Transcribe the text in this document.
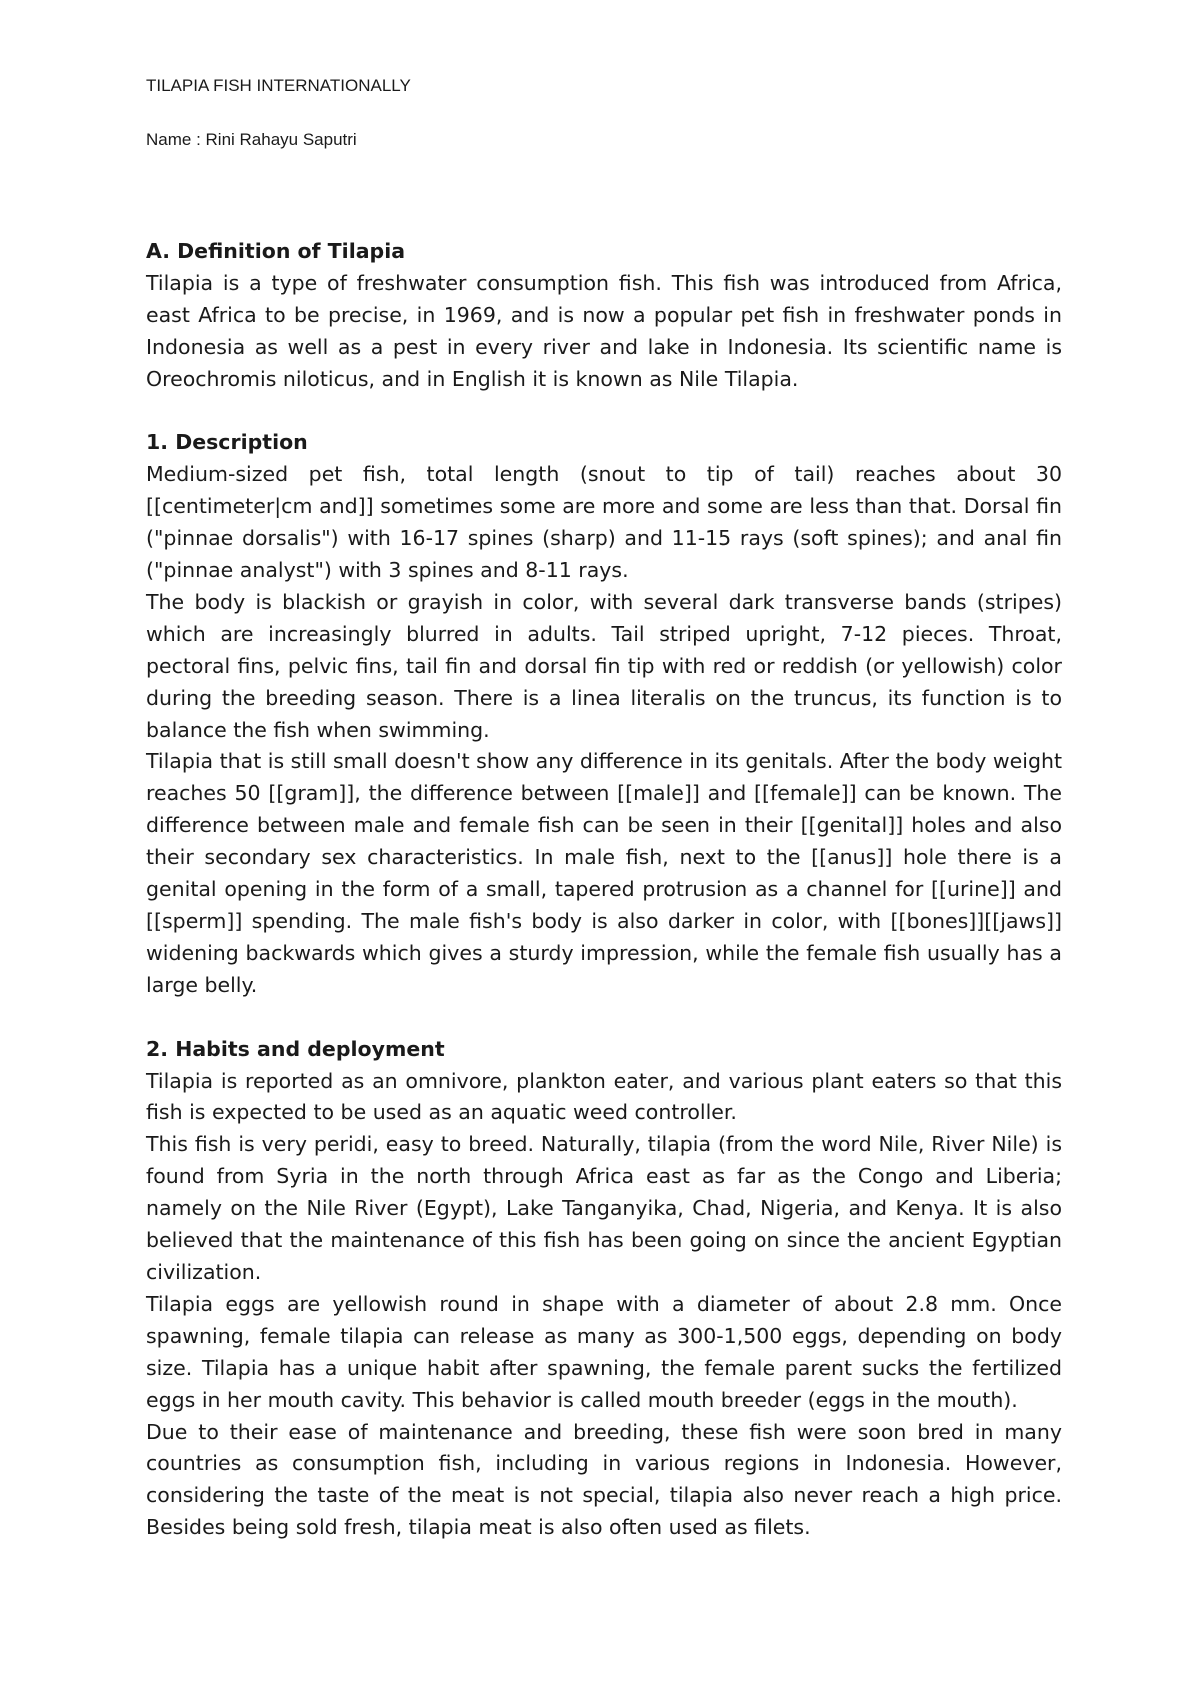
TILAPIA FISH INTERNATIONALLY
Name : Rini Rahayu Saputri

A. Definition of Tilapia

Tilapia is a type of freshwater consumption fish. This fish was introduced from Africa, east Africa to be precise, in 1969, and is now a popular pet fish in freshwater ponds in Indonesia as well as a pest in every river and lake in Indonesia. Its scientific name is Oreochromis niloticus, and in English it is known as Nile Tilapia.

1. Description

Medium-sized pet fish, total length (snout to tip of tail) reaches about 30 [[centimeter|cm and]] sometimes some are more and some are less than that. Dorsal fin ("pinnae dorsalis") with 16-17 spines (sharp) and 11-15 rays (soft spines); and anal fin ("pinnae analyst") with 3 spines and 8-11 rays.

The body is blackish or grayish in color, with several dark transverse bands (stripes) which are increasingly blurred in adults. Tail striped upright, 7-12 pieces. Throat, pectoral fins, pelvic fins, tail fin and dorsal fin tip with red or reddish (or yellowish) color during the breeding season. There is a linea literalis on the truncus, its function is to balance the fish when swimming.

Tilapia that is still small doesn't show any difference in its genitals. After the body weight reaches 50 [[gram]], the difference between [[male]] and [[female]] can be known. The difference between male and female fish can be seen in their [[genital]] holes and also their secondary sex characteristics. In male fish, next to the [[anus]] hole there is a genital opening in the form of a small, tapered protrusion as a channel for [[urine]] and [[sperm]] spending. The male fish's body is also darker in color, with [[bones]][[jaws]] widening backwards which gives a sturdy impression, while the female fish usually has a large belly.

2. Habits and deployment

Tilapia is reported as an omnivore, plankton eater, and various plant eaters so that this fish is expected to be used as an aquatic weed controller.

This fish is very peridi, easy to breed. Naturally, tilapia (from the word Nile, River Nile) is found from Syria in the north through Africa east as far as the Congo and Liberia; namely on the Nile River (Egypt), Lake Tanganyika, Chad, Nigeria, and Kenya. It is also believed that the maintenance of this fish has been going on since the ancient Egyptian civilization.

Tilapia eggs are yellowish round in shape with a diameter of about 2.8 mm. Once spawning, female tilapia can release as many as 300-1,500 eggs, depending on body size. Tilapia has a unique habit after spawning, the female parent sucks the fertilized eggs in her mouth cavity. This behavior is called mouth breeder (eggs in the mouth).

Due to their ease of maintenance and breeding, these fish were soon bred in many countries as consumption fish, including in various regions in Indonesia. However, considering the taste of the meat is not special, tilapia also never reach a high price. Besides being sold fresh, tilapia meat is also often used as filets.
